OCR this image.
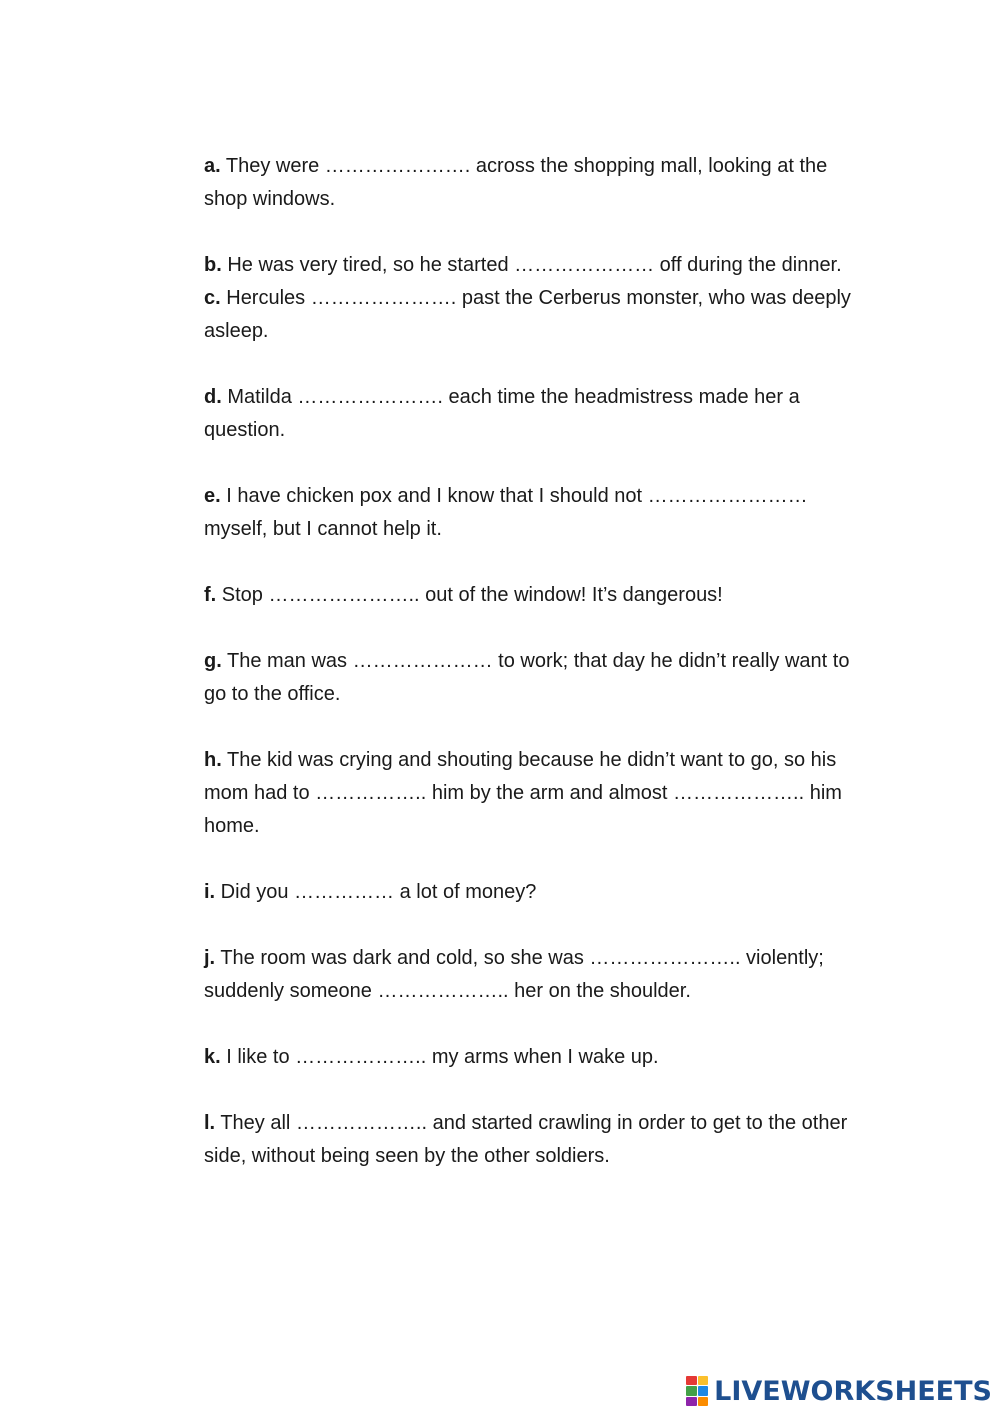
a. They were …………………. across the shopping mall, looking at the shop windows.

b. He was very tired, so he started ………………… off during the dinner.

c. Hercules …………………. past the Cerberus monster, who was deeply asleep.

d. Matilda …………………. each time the headmistress made her a question.

e. I have chicken pox and I know that I should not …………………… myself, but I cannot help it.

f. Stop ………………….. out of the window! It’s dangerous!

g. The man was ………………… to work; that day he didn’t really want to go to the office.

h. The kid was crying and shouting because he didn’t want to go, so his mom had to …………….. him by the arm and almost ……………….. him home.

i. Did you …………… a lot of money?

j. The room was dark and cold, so she was ………………….. violently; suddenly someone ……………….. her on the shoulder.

k. I like to ……………….. my arms when I wake up.

l. They all ……………….. and started crawling in order to get to the other side, without being seen by the other soldiers.

LIVEWORKSHEETS
